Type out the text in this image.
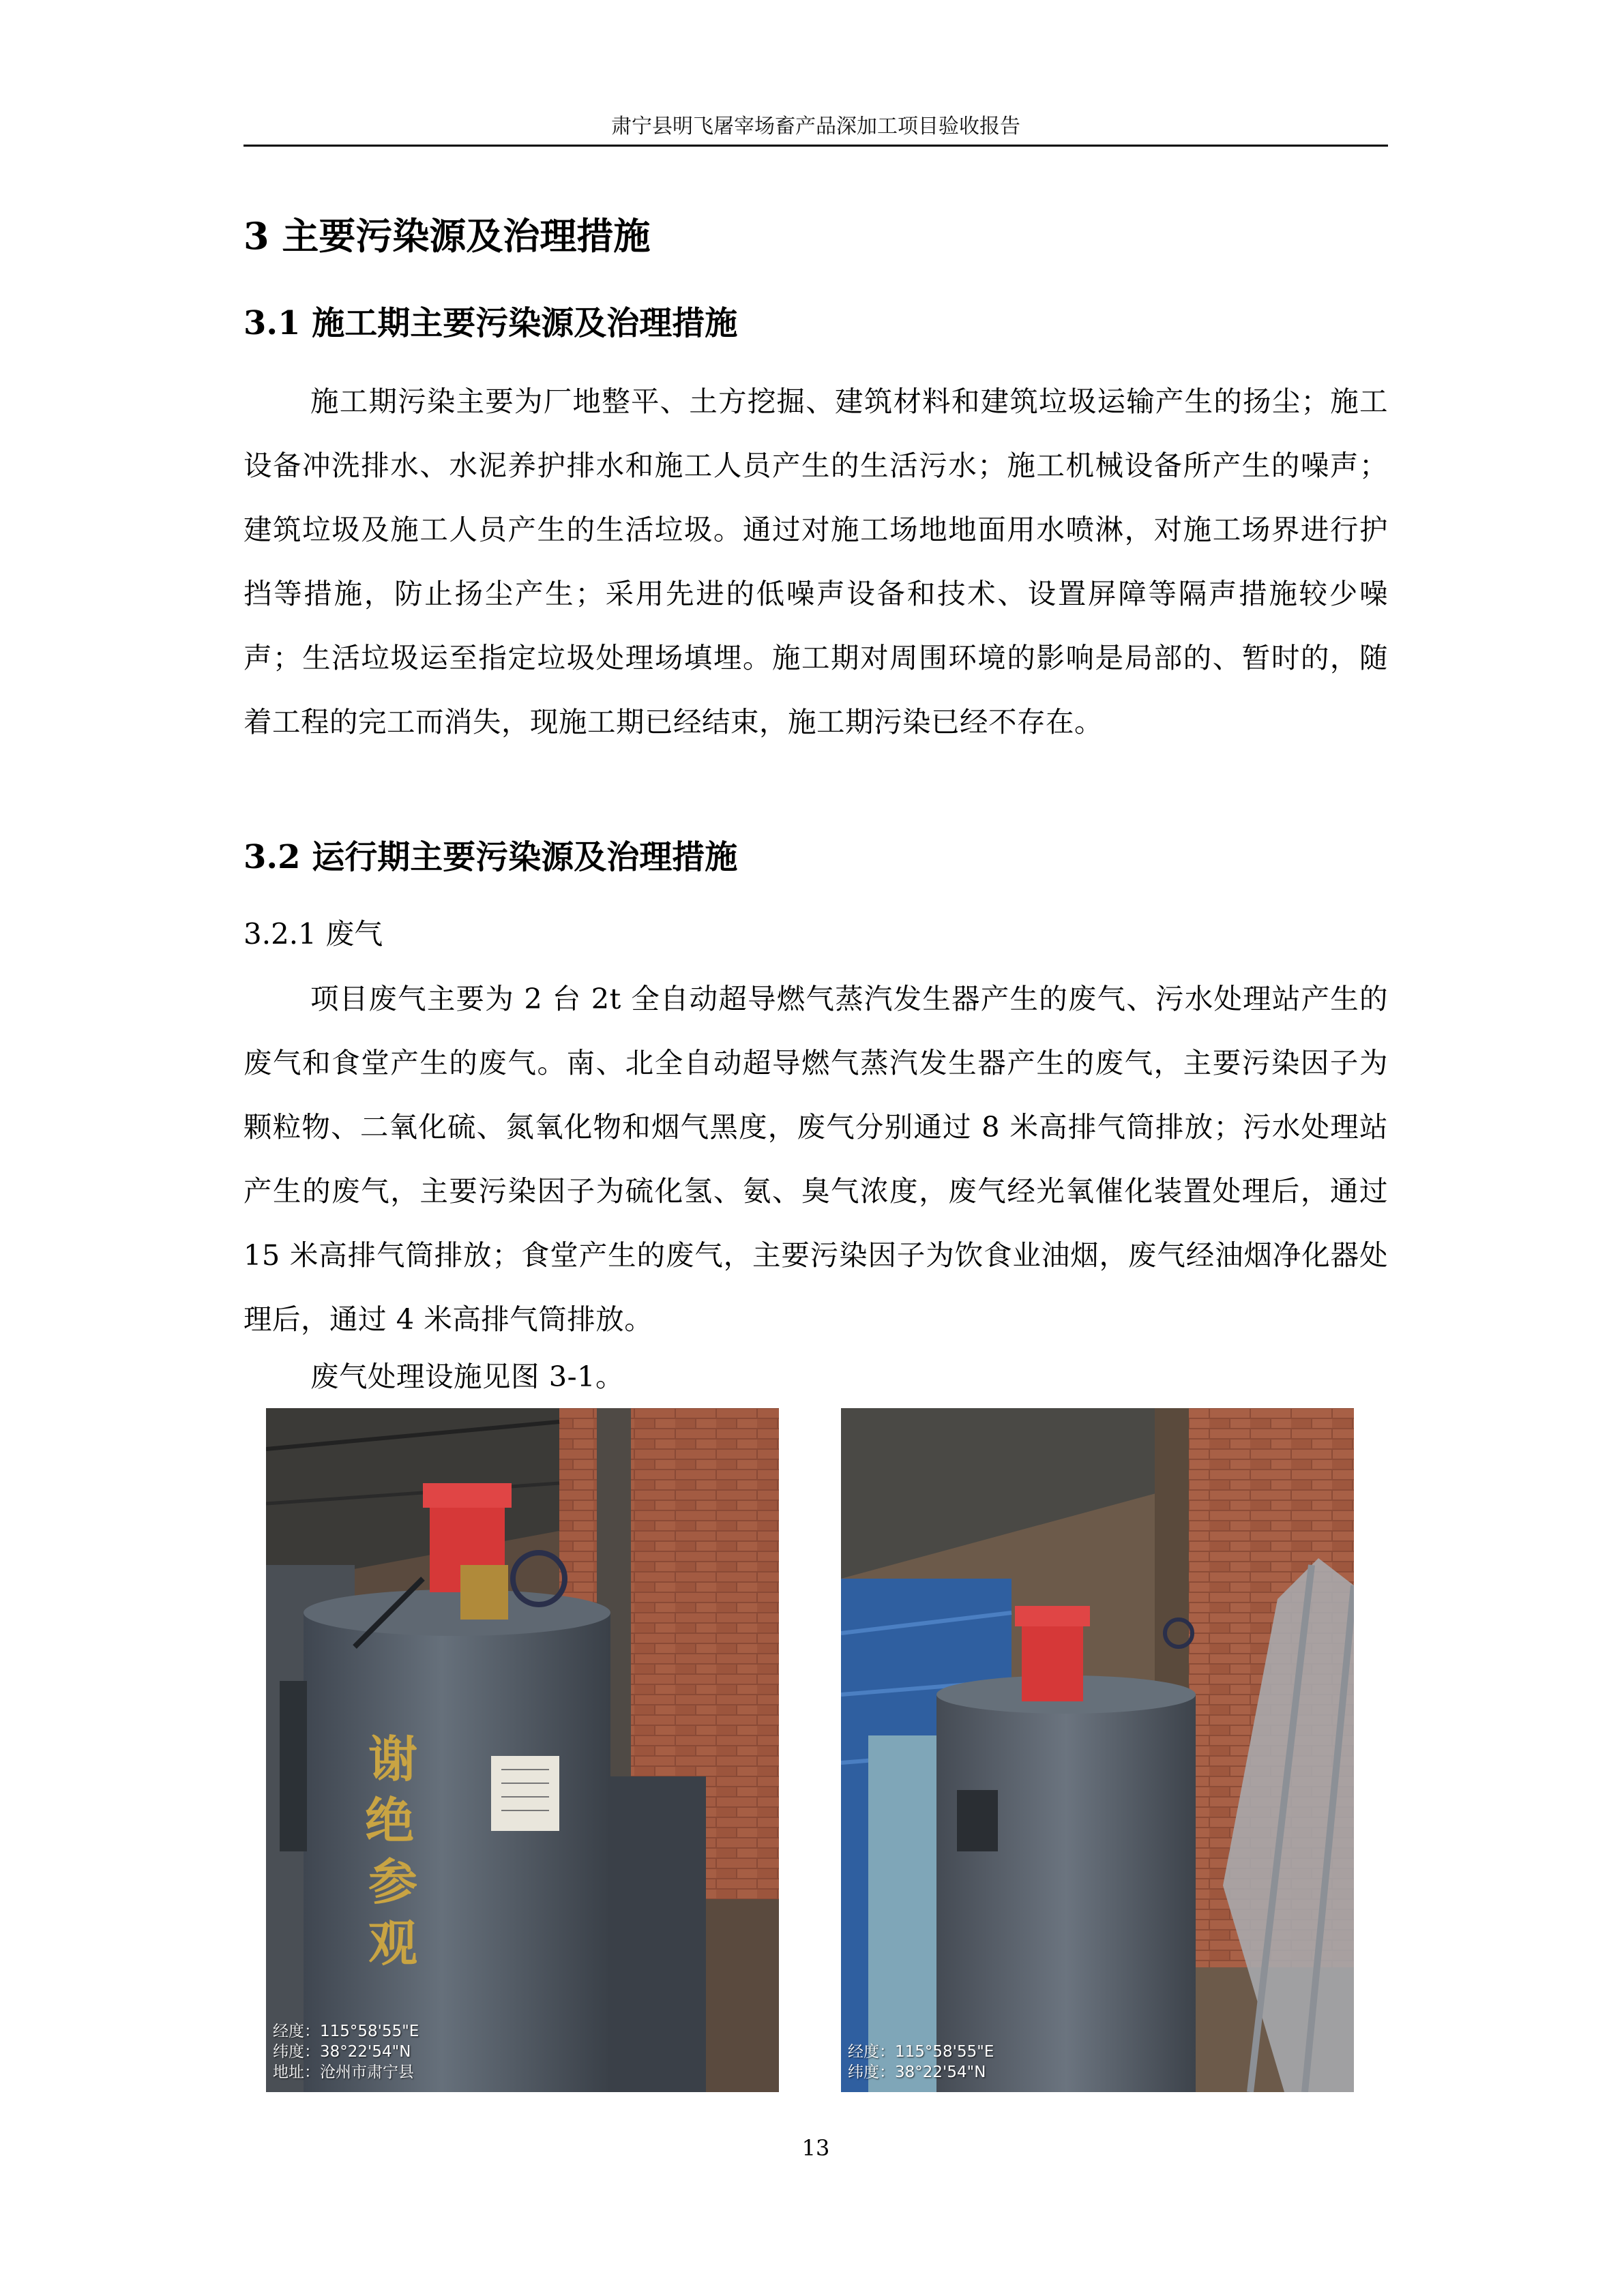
肃宁县明飞屠宰场畜产品深加工项目验收报告
3 主要污染源及治理措施
3.1 施工期主要污染源及治理措施
施工期污染主要为厂地整平、土方挖掘、建筑材料和建筑垃圾运输产生的扬尘；施工设备冲洗排水、水泥养护排水和施工人员产生的生活污水；施工机械设备所产生的噪声；建筑垃圾及施工人员产生的生活垃圾。通过对施工场地地面用水喷淋，对施工场界进行护挡等措施，防止扬尘产生；采用先进的低噪声设备和技术、设置屏障等隔声措施较少噪声；生活垃圾运至指定垃圾处理场填埋。施工期对周围环境的影响是局部的、暂时的，随着工程的完工而消失，现施工期已经结束，施工期污染已经不存在。
3.2 运行期主要污染源及治理措施
3.2.1 废气
项目废气主要为 2 台 2t 全自动超导燃气蒸汽发生器产生的废气、污水处理站产生的废气和食堂产生的废气。南、北全自动超导燃气蒸汽发生器产生的废气，主要污染因子为颗粒物、二氧化硫、氮氧化物和烟气黑度，废气分别通过 8 米高排气筒排放；污水处理站产生的废气，主要污染因子为硫化氢、氨、臭气浓度，废气经光氧催化装置处理后，通过 15 米高排气筒排放；食堂产生的废气，主要污染因子为饮食业油烟，废气经油烟净化器处理后，通过 4 米高排气筒排放。
废气处理设施见图 3-1。
谢
绝
参
观
经度：115°58'55"E
纬度：38°22'54"N
地址：沧州市肃宁县
经度：115°58'55"E
纬度：38°22'54"N
13
